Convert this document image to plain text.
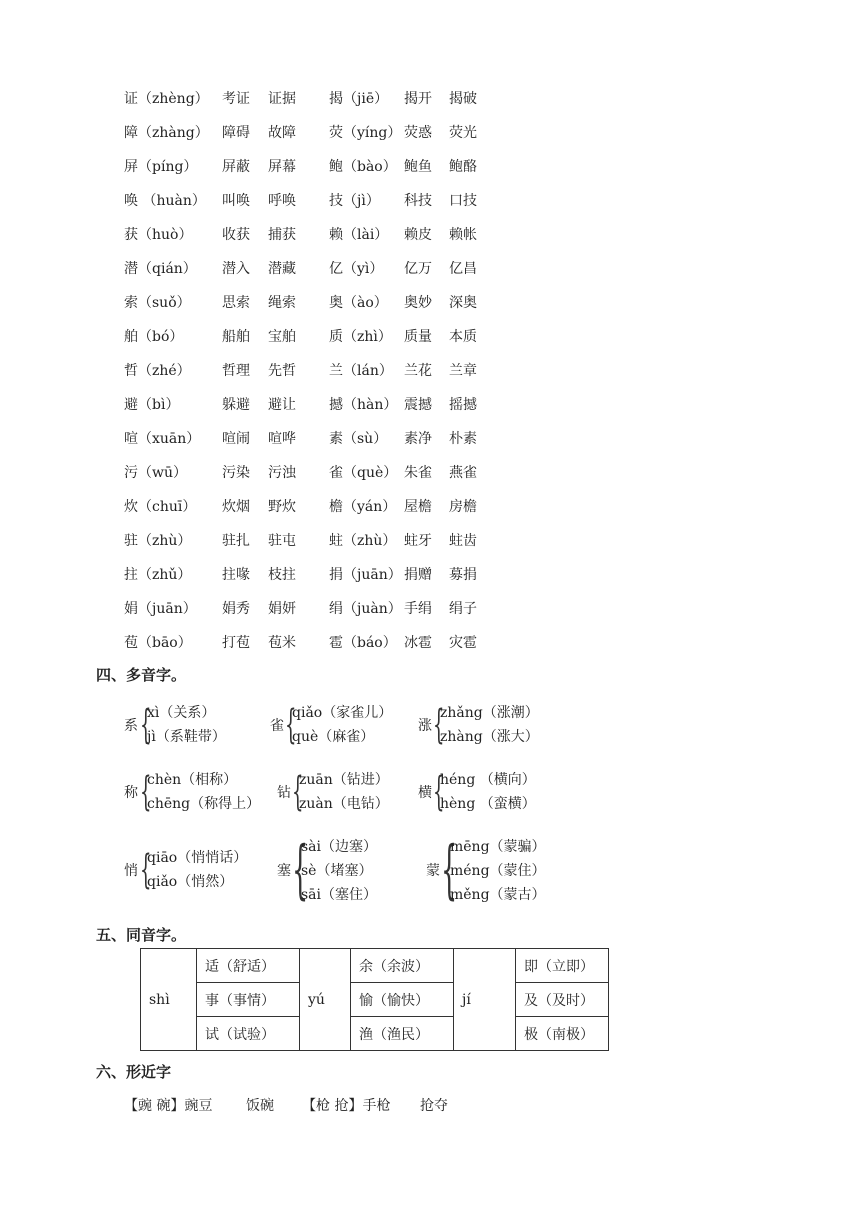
证（zhèng） 考证 证据 揭（jiē） 揭开 揭破
障（zhàng） 障碍 故障 荧（yíng） 荧惑 荧光
屏（píng） 屏蔽 屏幕 鲍（bào） 鲍鱼 鲍酪
唤 （huàn） 叫唤 呼唤 技（jì） 科技 口技
获（huò） 收获 捕获 赖（lài） 赖皮 赖帐
潜（qián） 潜入 潜藏 亿（yì） 亿万 亿昌
索（suǒ） 思索 绳索 奥（ào） 奥妙 深奥
舶（bó）	船舶 宝舶 质（zhì） 质量 本质
哲（zhé） 哲理 先哲 兰（lán） 兰花 兰章
避（bì）	躲避 避让 撼（hàn） 震撼 摇撼
喧（xuān） 喧闹 喧哗 素（sù） 素净 朴素
污（wū）	污染 污浊 雀（què） 朱雀 燕雀
炊（chuī） 炊烟 野炊 檐（yán） 屋檐 房檐
驻（zhù） 驻扎 驻屯 蛀（zhù） 蛀牙 蛀齿
拄（zhǔ） 拄喙 枝拄 捐（juān） 捐赠 募捐
娟（juān） 娟秀 娟妍 绢（juàn） 手绢 绢子
苞（bāo） 打苞 苞米 雹（báo） 冰雹 灾雹
四、多音字。
系 {
xì（关系）
jì（系鞋带）
雀 {
qiǎo（家雀儿）
què（麻雀）
涨 {
zhǎng（涨潮）
zhàng（涨大）
称 {
chèn（相称）
chēng（称得上）
钻 {
zuān（钻进）
zuàn（电钻）
横 {
héng （横向）
hèng （蛮横）
悄 {
qiāo（悄悄话）
qiǎo（悄然）
塞 {
sài（边塞）
sè（堵塞）
sāi（塞住）
蒙 {
mēng（蒙骗）
méng（蒙住）
měng（蒙古）
五、同音字。
shì	适（舒适）	yú	余（余波）	jí	即（立即）
	事（事情）		愉（愉快）		及（及时）
	试（试验）		渔（渔民）		极（南极）
六、形近字
【豌 碗】豌豆 饭碗 【枪 抢】手枪 抢夺
